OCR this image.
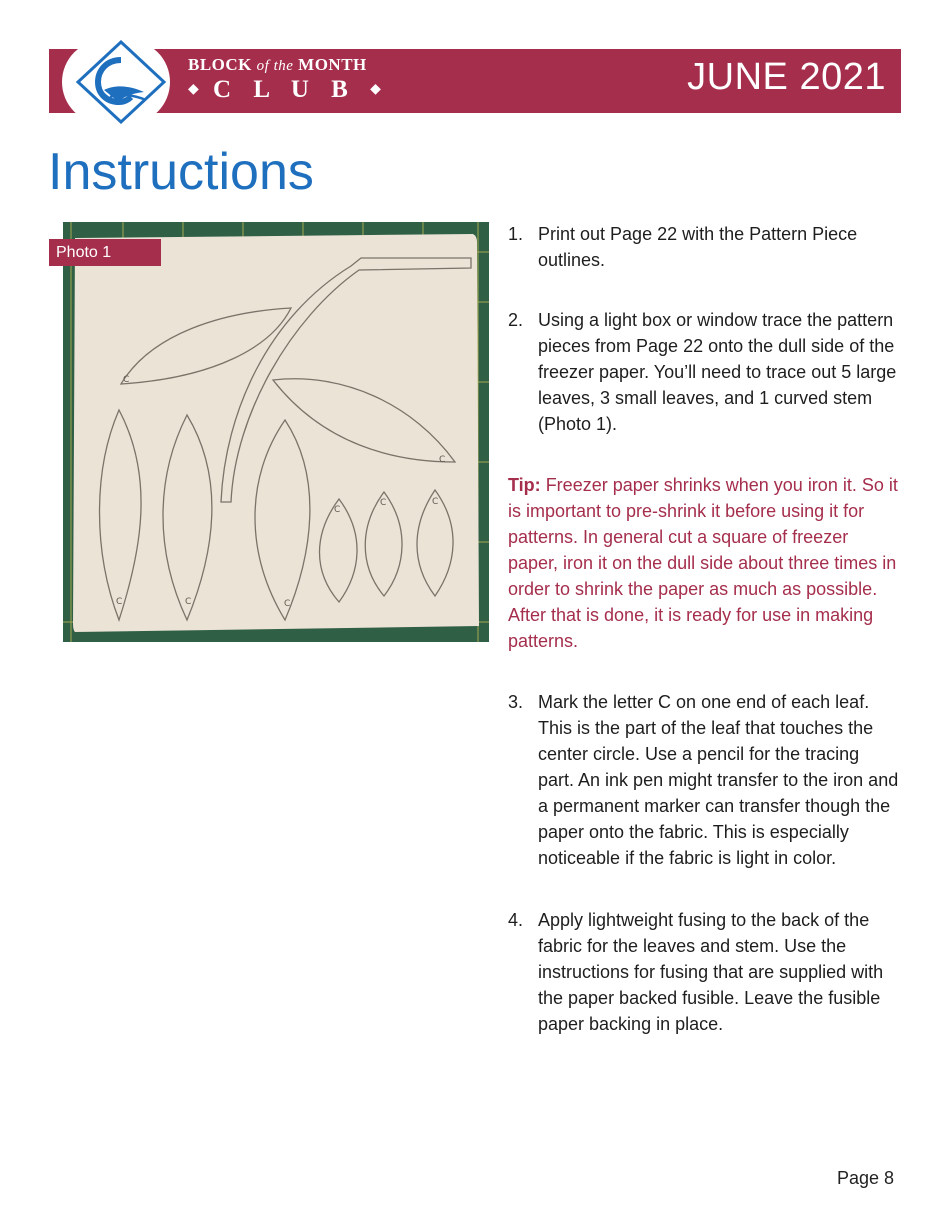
BLOCK of the MONTH
◆ C L U B ◆	JUNE 2021
Instructions
C
C
C	C	C
C
C	C
Photo 1
1. Print out Page 22 with the Pattern Piece outlines.
2. Using a light box or window trace the pattern pieces from Page 22 onto the dull side of the freezer paper. You’ll need to trace out 5 large leaves, 3 small leaves, and 1 curved stem (Photo 1).
Tip: Freezer paper shrinks when you iron it. So it is important to pre-shrink it before using it for patterns. In general cut a square of freezer paper, iron it on the dull side about three times in order to shrink the paper as much as possible. After that is done, it is ready for use in making patterns.
3. Mark the letter C on one end of each leaf. This is the part of the leaf that touches the center circle. Use a pencil for the tracing part. An ink pen might transfer to the iron and a permanent marker can transfer though the paper onto the fabric. This is especially noticeable if the fabric is light in color.
4. Apply lightweight fusing to the back of the fabric for the leaves and stem. Use the instructions for fusing that are supplied with the paper backed fusible. Leave the fusible paper backing in place.
Page 8
